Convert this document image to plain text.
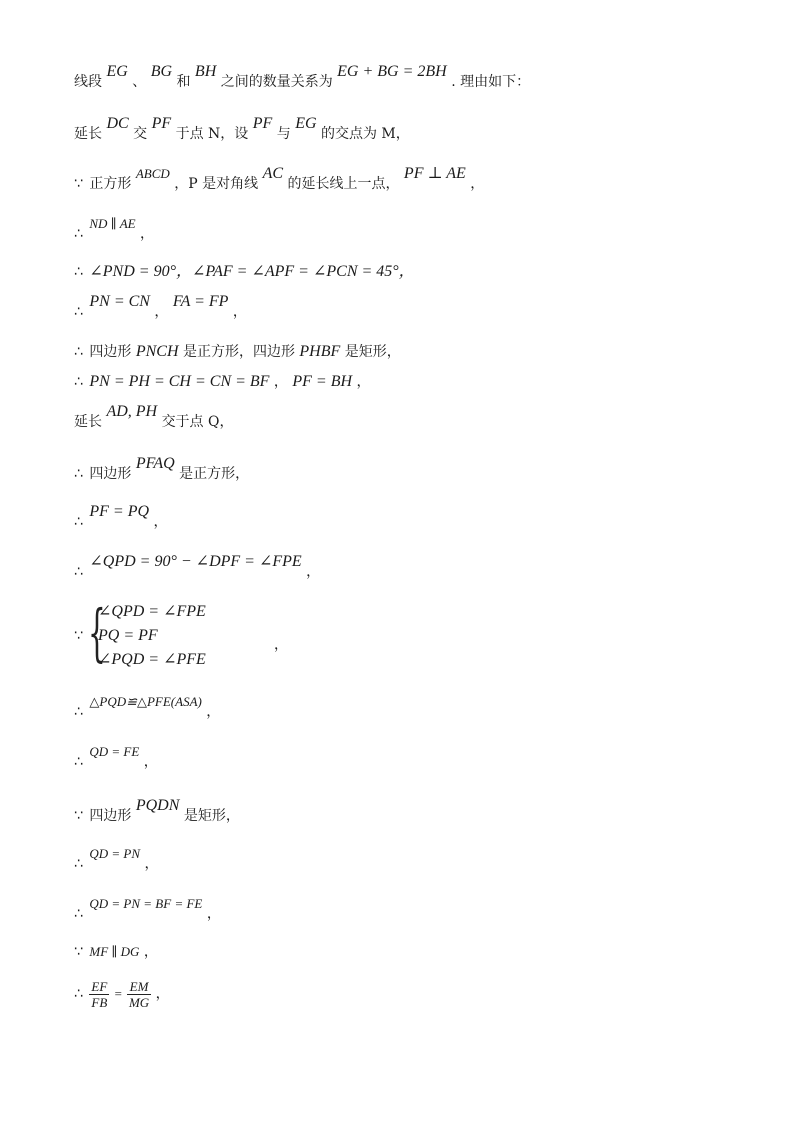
线段 EG 、 BG 和 BH 之间的数量关系为 EG + BG = 2BH . 理由如下：
延长 DC 交 PF 于点 N，设 PF 与 EG 的交点为 M，
∵ 正方形 ABCD ，P 是对角线 AC 的延长线上一点， PF ⊥ AE ，
∴ ND ∥ AE ，
∴ ∠PND = 90°，∠PAF = ∠APF = ∠PCN = 45°，
∴ PN = CN ， FA = FP ，
∴ 四边形 PNCH 是正方形，四边形 PHBF 是矩形，
∴ PN = PH = CH = CN = BF ， PF = BH ，
延长 AD, PH 交于点 Q，
∴ 四边形 PFAQ 是正方形，
∴ PF = PQ ，
∴ ∠QPD = 90° − ∠DPF = ∠FPE ，
∵ {
∠QPD = ∠FPE
PQ = PF
∠PQD = ∠PFE
，
∴ △PQD≌△PFE(ASA) ，
∴ QD = FE ，
∵ 四边形 PQDN 是矩形，
∴ QD = PN ，
∴ QD = PN = BF = FE ，
∵ MF ∥ DG ，
∴ $\frac{EF}{FB} = \frac{EM}{MG}$ ，
